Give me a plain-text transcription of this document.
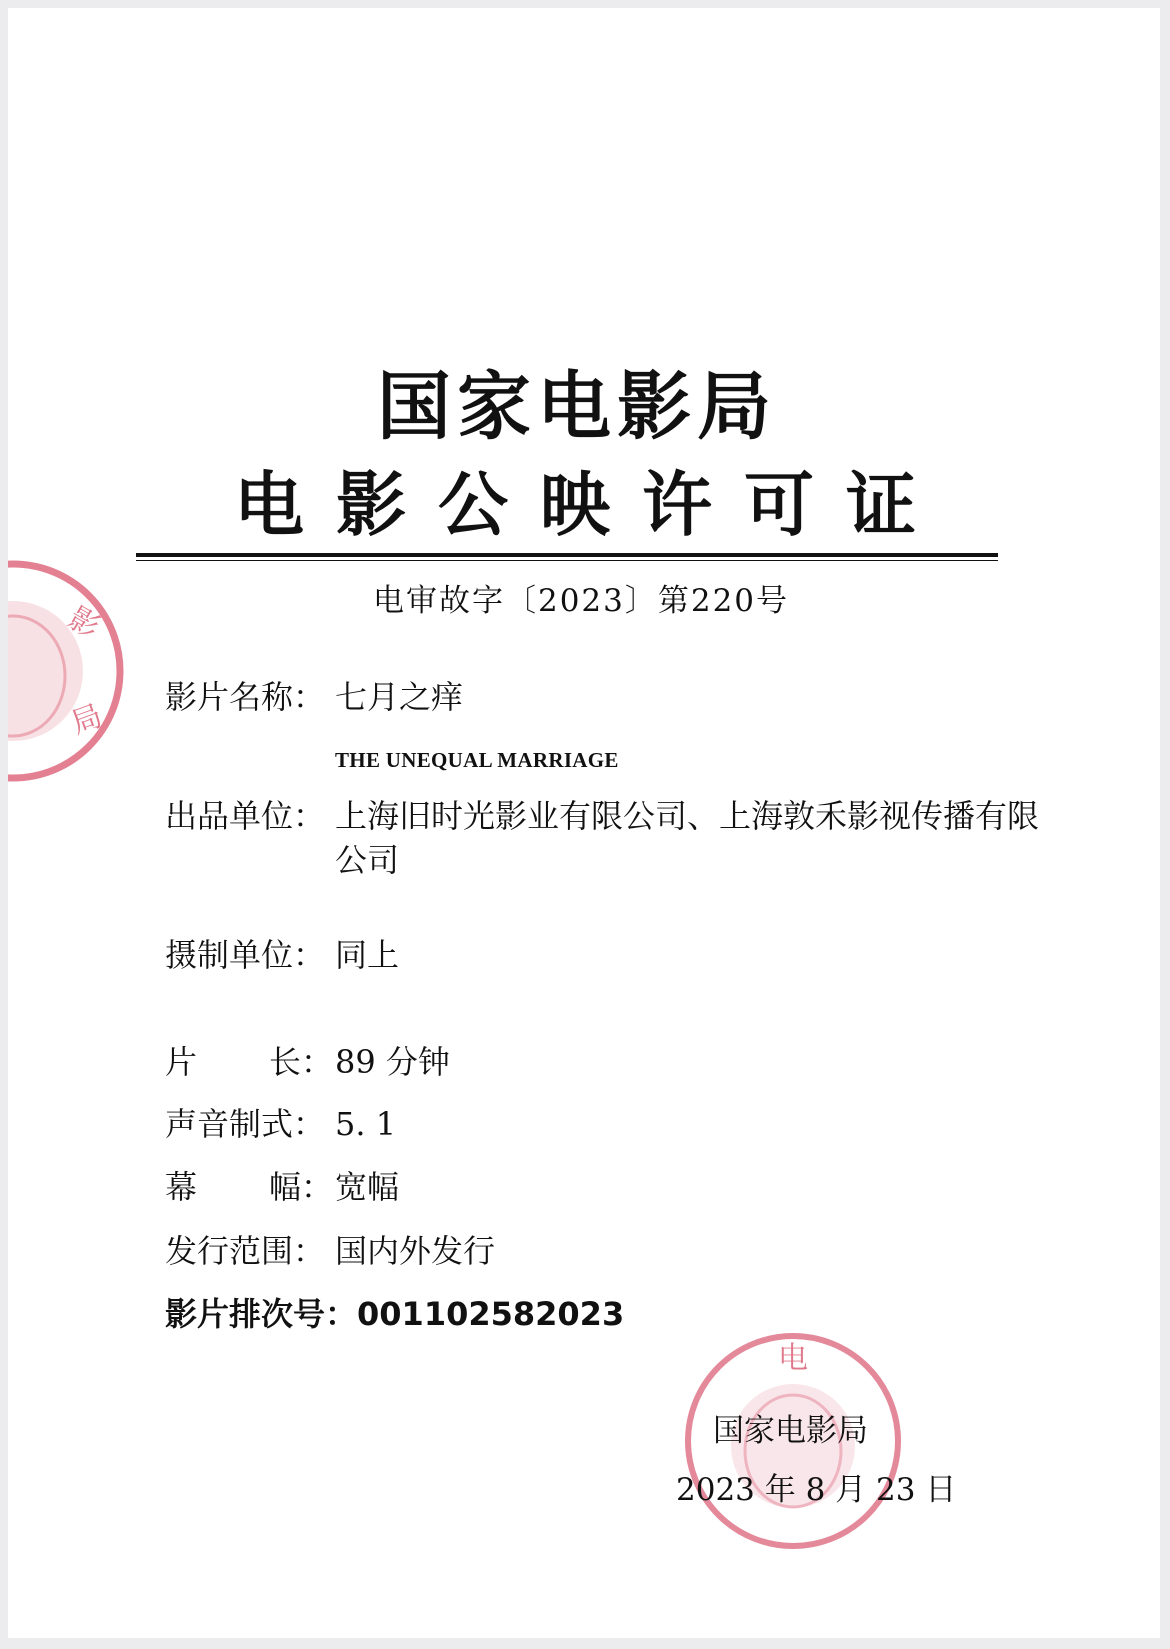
影
局
电
国家电影局
电影公映许可证
电审故字〔2023〕第220号
影片名称： 七月之痒
THE UNEQUAL MARRIAGE
出品单位： 上海旧时光影业有限公司、上海敦禾影视传播有限公司
摄制单位： 同上
片 长：89 分钟
声音制式： 5. 1
幕 幅：宽幅
发行范围： 国内外发行
影片排次号：001102582023
国家电影局
2023 年 8 月 23 日
